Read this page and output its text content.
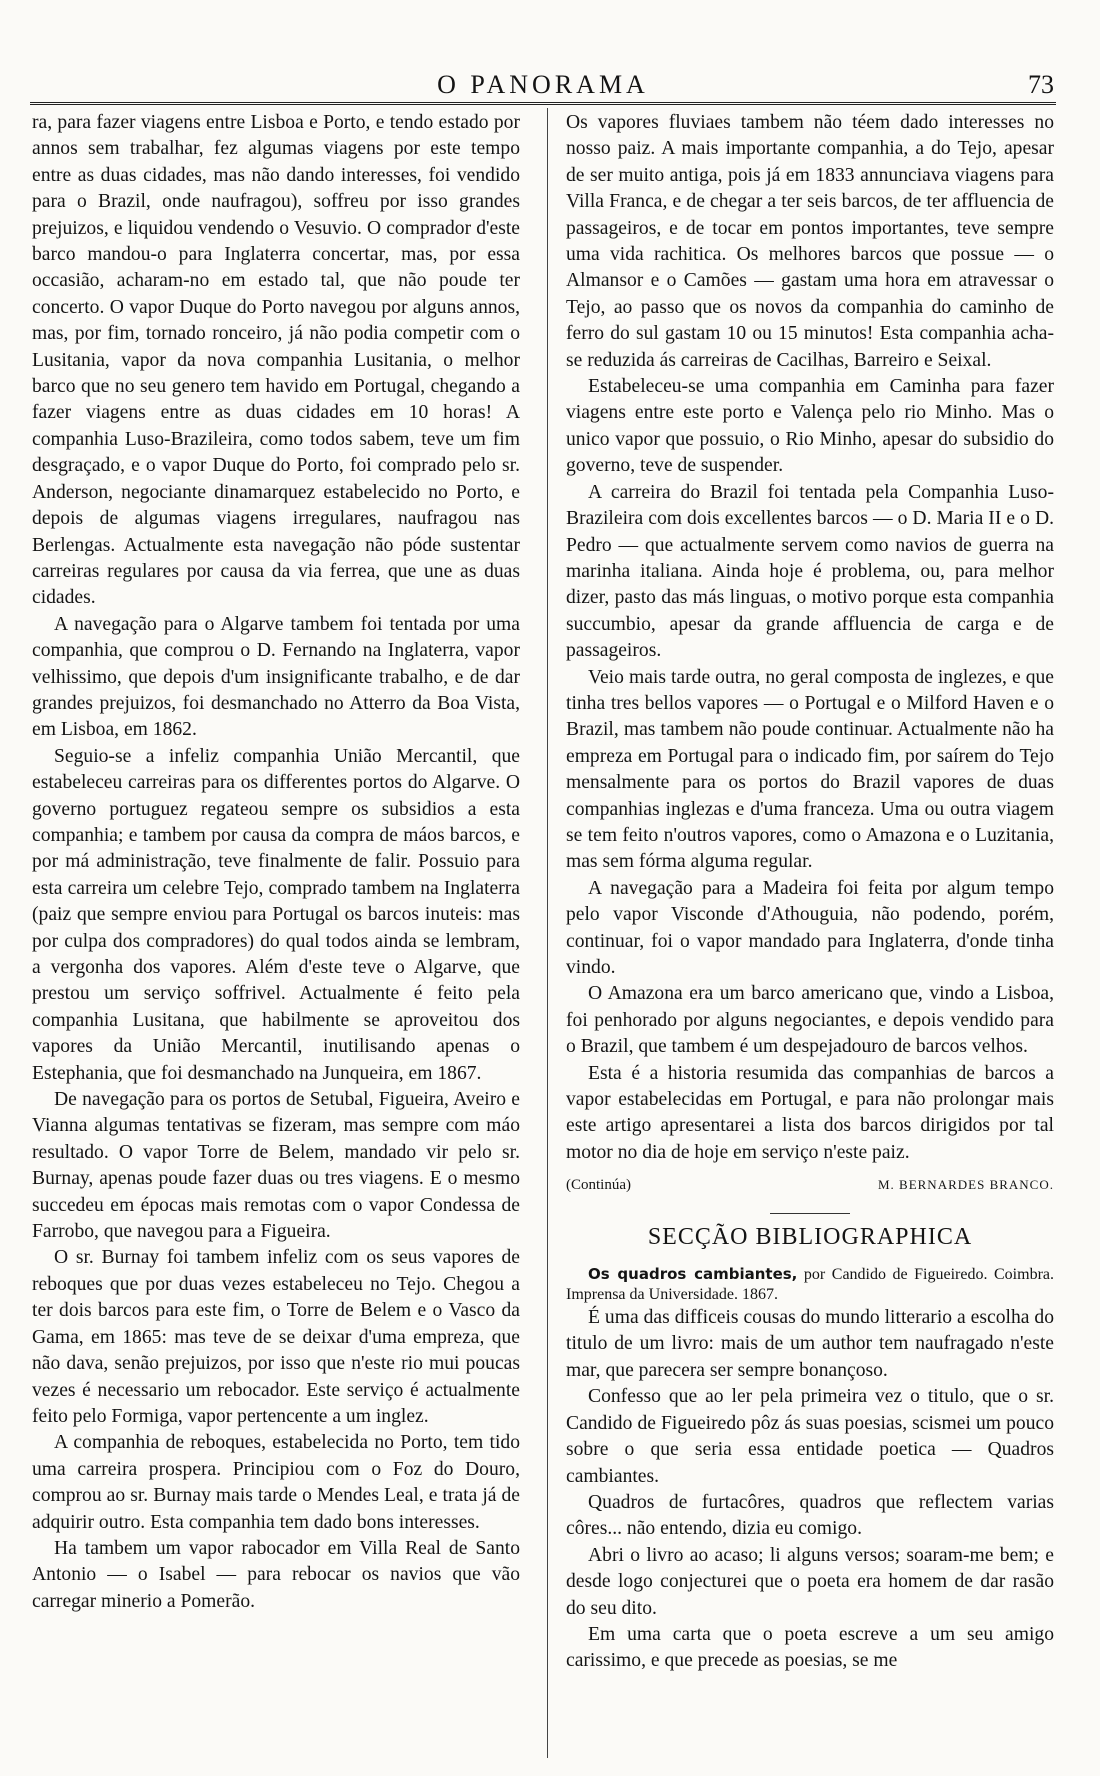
O PANORAMA	73

ra, para fazer viagens entre Lisboa e Porto, e tendo estado por annos sem trabalhar, fez algumas viagens por este tempo entre as duas cidades, mas não dando interesses, foi vendido para o Brazil, onde naufragou), soffreu por isso grandes prejuizos, e liquidou vendendo o Vesuvio. O comprador d'este barco mandou-o para Inglaterra concertar, mas, por essa occasião, acharam-no em estado tal, que não poude ter concerto. O vapor Duque do Porto navegou por alguns annos, mas, por fim, tornado ronceiro, já não podia competir com o Lusitania, vapor da nova companhia Lusitania, o melhor barco que no seu genero tem havido em Portugal, chegando a fazer viagens entre as duas cidades em 10 horas! A companhia Luso-Brazileira, como todos sabem, teve um fim desgraçado, e o vapor Duque do Porto, foi comprado pelo sr. Anderson, negociante dinamarquez estabelecido no Porto, e depois de algumas viagens irregulares, naufragou nas Berlengas. Actualmente esta navegação não póde sustentar carreiras regulares por causa da via ferrea, que une as duas cidades.

A navegação para o Algarve tambem foi tentada por uma companhia, que comprou o D. Fernando na Inglaterra, vapor velhissimo, que depois d'um insignificante trabalho, e de dar grandes prejuizos, foi desmanchado no Atterro da Boa Vista, em Lisboa, em 1862.

Seguio-se a infeliz companhia União Mercantil, que estabeleceu carreiras para os differentes portos do Algarve. O governo portuguez regateou sempre os subsidios a esta companhia; e tambem por causa da compra de máos barcos, e por má administração, teve finalmente de falir. Possuio para esta carreira um celebre Tejo, comprado tambem na Inglaterra (paiz que sempre enviou para Portugal os barcos inuteis: mas por culpa dos compradores) do qual todos ainda se lembram, a vergonha dos vapores. Além d'este teve o Algarve, que prestou um serviço soffrivel. Actualmente é feito pela companhia Lusitana, que habilmente se aproveitou dos vapores da União Mercantil, inutilisando apenas o Estephania, que foi desmanchado na Junqueira, em 1867.

De navegação para os portos de Setubal, Figueira, Aveiro e Vianna algumas tentativas se fizeram, mas sempre com máo resultado. O vapor Torre de Belem, mandado vir pelo sr. Burnay, apenas poude fazer duas ou tres viagens. E o mesmo succedeu em épocas mais remotas com o vapor Condessa de Farrobo, que navegou para a Figueira.

O sr. Burnay foi tambem infeliz com os seus vapores de reboques que por duas vezes estabeleceu no Tejo. Chegou a ter dois barcos para este fim, o Torre de Belem e o Vasco da Gama, em 1865: mas teve de se deixar d'uma empreza, que não dava, senão prejuizos, por isso que n'este rio mui poucas vezes é necessario um rebocador. Este serviço é actualmente feito pelo Formiga, vapor pertencente a um inglez.

A companhia de reboques, estabelecida no Porto, tem tido uma carreira prospera. Principiou com o Foz do Douro, comprou ao sr. Burnay mais tarde o Mendes Leal, e trata já de adquirir outro. Esta companhia tem dado bons interesses.

Ha tambem um vapor rabocador em Villa Real de Santo Antonio — o Isabel — para rebocar os navios que vão carregar minerio a Pomerão.

Os vapores fluviaes tambem não téem dado interesses no nosso paiz. A mais importante companhia, a do Tejo, apesar de ser muito antiga, pois já em 1833 annunciava viagens para Villa Franca, e de chegar a ter seis barcos, de ter affluencia de passageiros, e de tocar em pontos importantes, teve sempre uma vida rachitica. Os melhores barcos que possue — o Almansor e o Camões — gastam uma hora em atravessar o Tejo, ao passo que os novos da companhia do caminho de ferro do sul gastam 10 ou 15 minutos! Esta companhia acha-se reduzida ás carreiras de Cacilhas, Barreiro e Seixal.

Estabeleceu-se uma companhia em Caminha para fazer viagens entre este porto e Valença pelo rio Minho. Mas o unico vapor que possuio, o Rio Minho, apesar do subsidio do governo, teve de suspender.

A carreira do Brazil foi tentada pela Companhia Luso-Brazileira com dois excellentes barcos — o D. Maria II e o D. Pedro — que actualmente servem como navios de guerra na marinha italiana. Ainda hoje é problema, ou, para melhor dizer, pasto das más linguas, o motivo porque esta companhia succumbio, apesar da grande affluencia de carga e de passageiros.

Veio mais tarde outra, no geral composta de inglezes, e que tinha tres bellos vapores — o Portugal e o Milford Haven e o Brazil, mas tambem não poude continuar. Actualmente não ha empreza em Portugal para o indicado fim, por saírem do Tejo mensalmente para os portos do Brazil vapores de duas companhias inglezas e d'uma franceza. Uma ou outra viagem se tem feito n'outros vapores, como o Amazona e o Luzitania, mas sem fórma alguma regular.

A navegação para a Madeira foi feita por algum tempo pelo vapor Visconde d'Athouguia, não podendo, porém, continuar, foi o vapor mandado para Inglaterra, d'onde tinha vindo.

O Amazona era um barco americano que, vindo a Lisboa, foi penhorado por alguns negociantes, e depois vendido para o Brazil, que tambem é um despejadouro de barcos velhos.

Esta é a historia resumida das companhias de barcos a vapor estabelecidas em Portugal, e para não prolongar mais este artigo apresentarei a lista dos barcos dirigidos por tal motor no dia de hoje em serviço n'este paiz.

(Continúa)	M. BERNARDES BRANCO.
SECÇÃO BIBLIOGRAPHICA

Os quadros cambiantes, por Candido de Figueiredo. Coimbra. Imprensa da Universidade. 1867.

É uma das difficeis cousas do mundo litterario a escolha do titulo de um livro: mais de um author tem naufragado n'este mar, que parecera ser sempre bonançoso.

Confesso que ao ler pela primeira vez o titulo, que o sr. Candido de Figueiredo pôz ás suas poesias, scismei um pouco sobre o que seria essa entidade poetica — Quadros cambiantes.

Quadros de furtacôres, quadros que reflectem varias côres... não entendo, dizia eu comigo.

Abri o livro ao acaso; li alguns versos; soaram-me bem; e desde logo conjecturei que o poeta era homem de dar rasão do seu dito.

Em uma carta que o poeta escreve a um seu amigo carissimo, e que precede as poesias, se me
